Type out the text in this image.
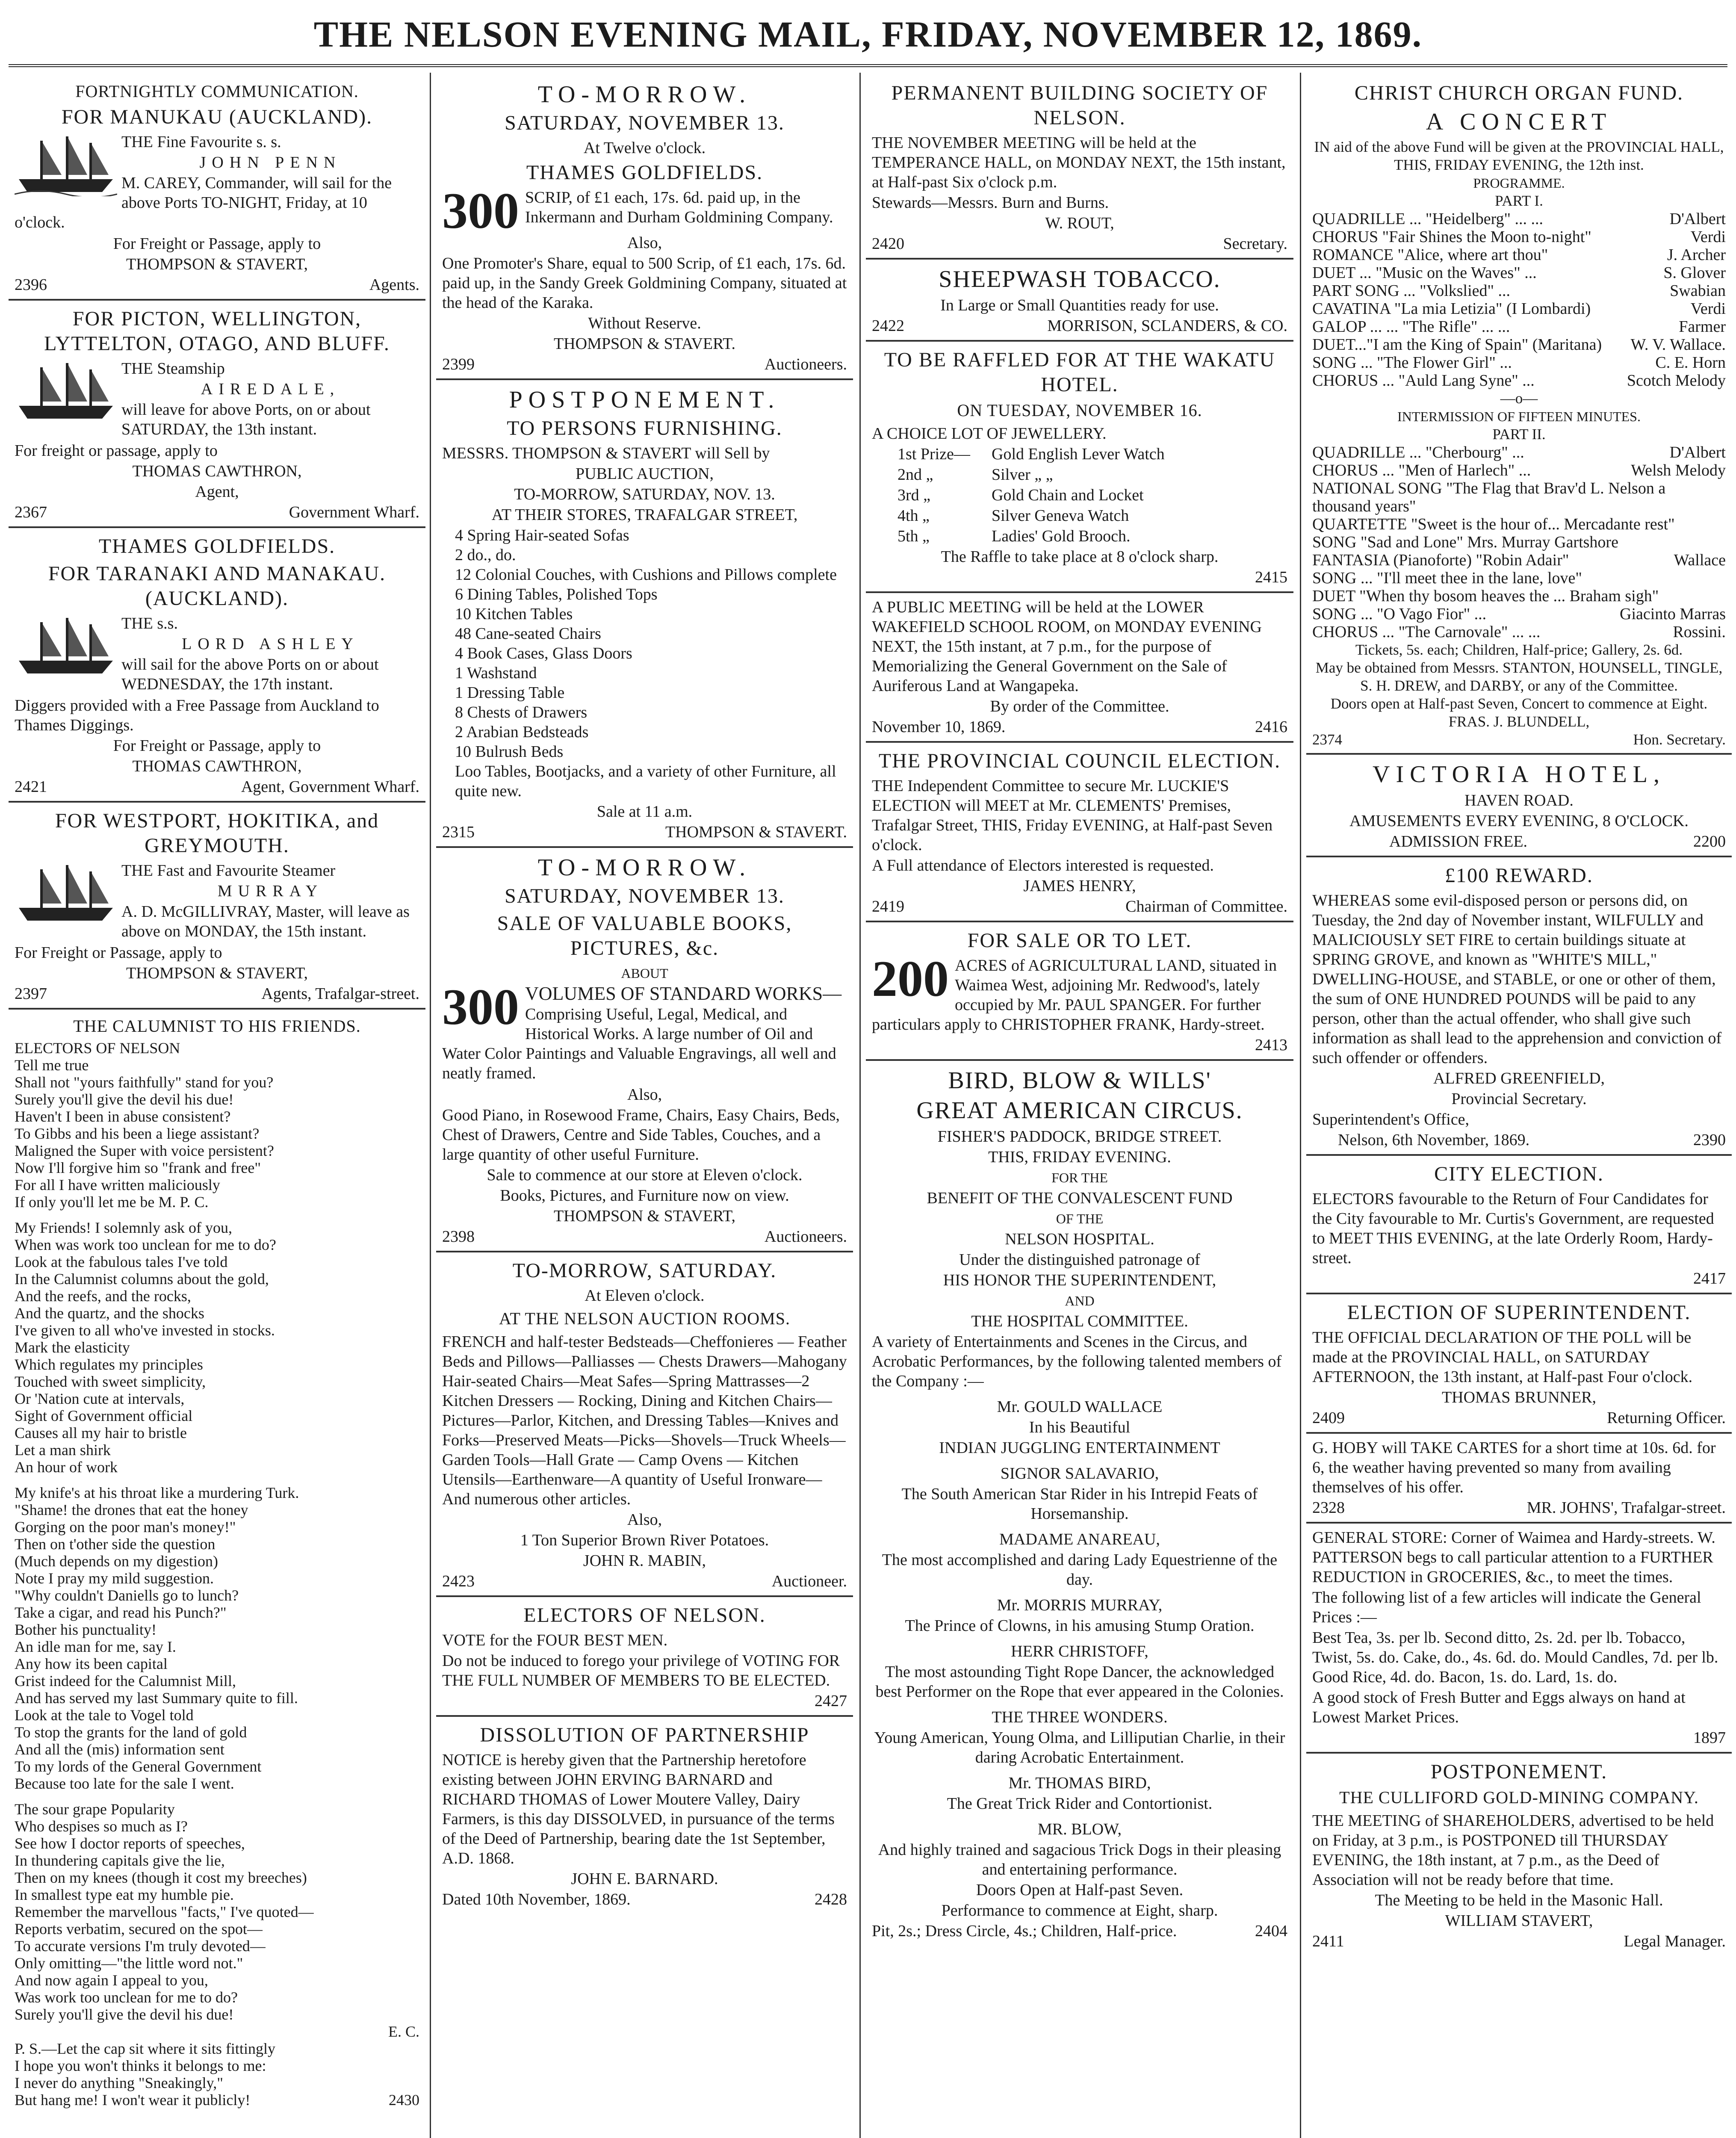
THE NELSON EVENING MAIL, FRIDAY, NOVEMBER 12, 1869.
FORTNIGHTLY COMMUNICATION.
FOR MANUKAU (AUCKLAND).
THE Fine Favourite s. s.
JOHN PENN
M. CAREY, Commander, will sail for the above Ports TO-NIGHT, Friday, at 10 o'clock.
For Freight or Passage, apply to
THOMPSON & STAVERT,
2396	Agents.
FOR PICTON, WELLINGTON, LYTTELTON, OTAGO, AND BLUFF.
THE Steamship
AIREDALE,
will leave for above Ports, on or about SATURDAY, the 13th instant.
For freight or passage, apply to
THOMAS CAWTHRON,
Agent,
2367	Government Wharf.
THAMES GOLDFIELDS.
FOR TARANAKI AND MANAKAU. (AUCKLAND).
THE s.s.
LORD ASHLEY
will sail for the above Ports on or about WEDNESDAY, the 17th instant.
Diggers provided with a Free Passage from Auckland to Thames Diggings.
For Freight or Passage, apply to
THOMAS CAWTHRON,
2421	Agent, Government Wharf.
FOR WESTPORT, HOKITIKA, and GREYMOUTH.
THE Fast and Favourite Steamer
MURRAY
A. D. McGILLIVRAY, Master, will leave as above on MONDAY, the 15th instant.
For Freight or Passage, apply to
THOMPSON & STAVERT,
2397	Agents, Trafalgar-street.
THE CALUMNIST TO HIS FRIENDS.
ELECTORS OF NELSON
Tell me true
Shall not "yours faithfully" stand for you?
Surely you'll give the devil his due!
Haven't I been in abuse consistent?
To Gibbs and his been a liege assistant?
Maligned the Super with voice persistent?
Now I'll forgive him so "frank and free"
For all I have written maliciously
If only you'll let me be M. P. C.
My Friends! I solemnly ask of you,
When was work too unclean for me to do?
Look at the fabulous tales I've told
In the Calumnist columns about the gold,
And the reefs, and the rocks,
And the quartz, and the shocks
I've given to all who've invested in stocks.
Mark the elasticity
Which regulates my principles
Touched with sweet simplicity,
Or 'Nation cute at intervals,
Sight of Government official
Causes all my hair to bristle
Let a man shirk
An hour of work
My knife's at his throat like a murdering Turk.
"Shame! the drones that eat the honey
Gorging on the poor man's money!"
Then on t'other side the question
(Much depends on my digestion)
Note I pray my mild suggestion.
"Why couldn't Daniells go to lunch?
Take a cigar, and read his Punch?"
Bother his punctuality!
An idle man for me, say I.
Any how its been capital
Grist indeed for the Calumnist Mill,
And has served my last Summary quite to fill.
Look at the tale to Vogel told
To stop the grants for the land of gold
And all the (mis) information sent
To my lords of the General Government
Because too late for the sale I went.
The sour grape Popularity
Who despises so much as I?
See how I doctor reports of speeches,
In thundering capitals give the lie,
Then on my knees (though it cost my breeches)
In smallest type eat my humble pie.
Remember the marvellous "facts," I've quoted—
Reports verbatim, secured on the spot—
To accurate versions I'm truly devoted—
Only omitting—"the little word not."
And now again I appeal to you,
Was work too unclean for me to do?
Surely you'll give the devil his due!
E. C.
P. S.—Let the cap sit where it sits fittingly
I hope you won't thinks it belongs to me:
I never do anything "Sneakingly,"
But hang me! I won't wear it publicly!	2430
TO-MORROW.
SATURDAY, NOVEMBER 13.
At Twelve o'clock.
THAMES GOLDFIELDS.
300 SCRIP, of £1 each, 17s. 6d. paid up, in the Inkermann and Durham Goldmining Company.
Also,
One Promoter's Share, equal to 500 Scrip, of £1 each, 17s. 6d. paid up, in the Sandy Greek Goldmining Company, situated at the head of the Karaka.
Without Reserve.
THOMPSON & STAVERT.
2399	Auctioneers.
POSTPONEMENT.
TO PERSONS FURNISHING.
MESSRS. THOMPSON & STAVERT will Sell by
PUBLIC AUCTION,
TO-MORROW, SATURDAY, NOV. 13.
AT THEIR STORES, TRAFALGAR STREET,
4 Spring Hair-seated Sofas
2 do., do.
12 Colonial Couches, with Cushions and Pillows complete
6 Dining Tables, Polished Tops
10 Kitchen Tables
48 Cane-seated Chairs
4 Book Cases, Glass Doors
1 Washstand
1 Dressing Table
8 Chests of Drawers
2 Arabian Bedsteads
10 Bulrush Beds
Loo Tables, Bootjacks, and a variety of other Furniture, all quite new.
Sale at 11 a.m.
2315	THOMPSON & STAVERT.
TO-MORROW.
SATURDAY, NOVEMBER 13.
SALE OF VALUABLE BOOKS, PICTURES, &c.
ABOUT
300 VOLUMES OF STANDARD WORKS—
Comprising Useful, Legal, Medical, and Historical Works. A large number of Oil and Water Color Paintings and Valuable Engravings, all well and neatly framed.
Also,
Good Piano, in Rosewood Frame, Chairs, Easy Chairs, Beds, Chest of Drawers, Centre and Side Tables, Couches, and a large quantity of other useful Furniture.
Sale to commence at our store at Eleven o'clock.
Books, Pictures, and Furniture now on view.
THOMPSON & STAVERT,
2398	Auctioneers.
TO-MORROW, SATURDAY.
At Eleven o'clock.
AT THE NELSON AUCTION ROOMS.
FRENCH and half-tester Bedsteads—Cheffonieres — Feather Beds and Pillows—Palliasses — Chests Drawers—Mahogany Hair-seated Chairs—Meat Safes—Spring Mattrasses—2 Kitchen Dressers — Rocking, Dining and Kitchen Chairs—Pictures—Parlor, Kitchen, and Dressing Tables—Knives and Forks—Preserved Meats—Picks—Shovels—Truck Wheels—Garden Tools—Hall Grate — Camp Ovens — Kitchen Utensils—Earthenware—A quantity of Useful Ironware—And numerous other articles.
Also,
1 Ton Superior Brown River Potatoes.
JOHN R. MABIN,
2423	Auctioneer.
ELECTORS OF NELSON.
VOTE for the FOUR BEST MEN.
Do not be induced to forego your privilege of VOTING FOR THE FULL NUMBER OF MEMBERS TO BE ELECTED.
2427
DISSOLUTION OF PARTNERSHIP
NOTICE is hereby given that the Partnership heretofore existing between JOHN ERVING BARNARD and RICHARD THOMAS of Lower Moutere Valley, Dairy Farmers, is this day DISSOLVED, in pursuance of the terms of the Deed of Partnership, bearing date the 1st September, A.D. 1868.
JOHN E. BARNARD.
Dated 10th November, 1869.	2428
PERMANENT BUILDING SOCIETY OF NELSON.
THE NOVEMBER MEETING will be held at the TEMPERANCE HALL, on MONDAY NEXT, the 15th instant, at Half-past Six o'clock p.m.
Stewards—Messrs. Burn and Burns.
W. ROUT,
2420	Secretary.
SHEEPWASH TOBACCO.
In Large or Small Quantities ready for use.
2422	MORRISON, SCLANDERS, & CO.
TO BE RAFFLED FOR AT THE WAKATU HOTEL.
ON TUESDAY, NOVEMBER 16.
A CHOICE LOT OF JEWELLERY.
1st Prize— Gold English Lever Watch
2nd „	Silver „ „
3rd „	Gold Chain and Locket
4th „	Silver Geneva Watch
5th „	Ladies' Gold Brooch.
The Raffle to take place at 8 o'clock sharp.
2415
A PUBLIC MEETING will be held at the LOWER WAKEFIELD SCHOOL ROOM, on MONDAY EVENING NEXT, the 15th instant, at 7 p.m., for the purpose of Memorializing the General Government on the Sale of Auriferous Land at Wangapeka.
By order of the Committee.
November 10, 1869.	2416
THE PROVINCIAL COUNCIL ELECTION.
THE Independent Committee to secure Mr. LUCKIE'S ELECTION will MEET at Mr. CLEMENTS' Premises, Trafalgar Street, THIS, Friday EVENING, at Half-past Seven o'clock.
A Full attendance of Electors interested is requested.
JAMES HENRY,
2419	Chairman of Committee.
FOR SALE OR TO LET.
200 ACRES of AGRICULTURAL LAND, situated in Waimea West, adjoining Mr. Redwood's, lately occupied by Mr. PAUL SPANGER. For further particulars apply to CHRISTOPHER FRANK, Hardy-street.
2413
BIRD, BLOW & WILLS'
GREAT AMERICAN CIRCUS.
FISHER'S PADDOCK, BRIDGE STREET.
THIS, FRIDAY EVENING.
FOR THE
BENEFIT OF THE CONVALESCENT FUND
OF THE
NELSON HOSPITAL.
Under the distinguished patronage of
HIS HONOR THE SUPERINTENDENT,
AND
THE HOSPITAL COMMITTEE.
A variety of Entertainments and Scenes in the Circus, and Acrobatic Performances, by the following talented members of the Company :—
Mr. GOULD WALLACE
In his Beautiful
INDIAN JUGGLING ENTERTAINMENT
SIGNOR SALAVARIO,
The South American Star Rider in his Intrepid Feats of Horsemanship.
MADAME ANAREAU,
The most accomplished and daring Lady Equestrienne of the day.
Mr. MORRIS MURRAY,
The Prince of Clowns, in his amusing Stump Oration.
HERR CHRISTOFF,
The most astounding Tight Rope Dancer, the acknowledged best Performer on the Rope that ever appeared in the Colonies.
THE THREE WONDERS.
Young American, Young Olma, and Lilliputian Charlie, in their daring Acrobatic Entertainment.
Mr. THOMAS BIRD,
The Great Trick Rider and Contortionist.
MR. BLOW,
And highly trained and sagacious Trick Dogs in their pleasing and entertaining performance.
Doors Open at Half-past Seven.
Performance to commence at Eight, sharp.
Pit, 2s.; Dress Circle, 4s.; Children, Half-price.	2404
CHRIST CHURCH ORGAN FUND.
A CONCERT
IN aid of the above Fund will be given at the PROVINCIAL HALL,
THIS, FRIDAY EVENING, the 12th inst.
PROGRAMME.
PART I.
QUADRILLE ... "Heidelberg" ... ...	D'Albert
CHORUS "Fair Shines the Moon to-night"	Verdi
ROMANCE "Alice, where art thou"	J. Archer
DUET ... "Music on the Waves" ...	S. Glover
PART SONG ... "Volkslied" ...	Swabian
CAVATINA "La mia Letizia" (I Lombardi)	Verdi
GALOP ... ... "The Rifle" ... ...	Farmer
DUET..."I am the King of Spain" (Maritana) W. V. Wallace.
SONG ... "The Flower Girl" ...	C. E. Horn
CHORUS ... "Auld Lang Syne" ...	Scotch Melody
—o—
INTERMISSION OF FIFTEEN MINUTES.
PART II.
QUADRILLE ... "Cherbourg" ...	D'Albert
CHORUS ... "Men of Harlech" ...	Welsh Melody
NATIONAL SONG "The Flag that Brav'd L. Nelson a thousand years"
QUARTETTE "Sweet is the hour of... Mercadante rest"
SONG "Sad and Lone" Mrs. Murray Gartshore
FANTASIA (Pianoforte) "Robin Adair"	Wallace
SONG ... "I'll meet thee in the lane, love"
DUET "When thy bosom heaves the ... Braham sigh"
SONG ... "O Vago Fior" ...	Giacinto Marras
CHORUS ... "The Carnovale" ... ...	Rossini.
Tickets, 5s. each; Children, Half-price; Gallery, 2s. 6d.
May be obtained from Messrs. STANTON, HOUNSELL, TINGLE, S. H. DREW, and DARBY, or any of the Committee.
Doors open at Half-past Seven, Concert to commence at Eight.
FRAS. J. BLUNDELL,
2374	Hon. Secretary.
VICTORIA HOTEL,
HAVEN ROAD.
AMUSEMENTS EVERY EVENING, 8 O'CLOCK.
ADMISSION FREE.	2200
£100 REWARD.
WHEREAS some evil-disposed person or persons did, on Tuesday, the 2nd day of November instant, WILFULLY and MALICIOUSLY SET FIRE to certain buildings situate at SPRING GROVE, and known as "WHITE'S MILL," DWELLING-HOUSE, and STABLE, or one or other of them, the sum of ONE HUNDRED POUNDS will be paid to any person, other than the actual offender, who shall give such information as shall lead to the apprehension and conviction of such offender or offenders.
ALFRED GREENFIELD,
Provincial Secretary.
Superintendent's Office,
Nelson, 6th November, 1869.	2390
CITY ELECTION.
ELECTORS favourable to the Return of Four Candidates for the City favourable to Mr. Curtis's Government, are requested to MEET THIS EVENING, at the late Orderly Room, Hardy-street.
2417
ELECTION OF SUPERINTENDENT.
THE OFFICIAL DECLARATION OF THE POLL will be made at the PROVINCIAL HALL, on SATURDAY AFTERNOON, the 13th instant, at Half-past Four o'clock.
THOMAS BRUNNER,
2409	Returning Officer.
G. HOBY will TAKE CARTES for a short time at 10s. 6d. for 6, the weather having prevented so many from availing themselves of his offer.
2328	MR. JOHNS', Trafalgar-street.
GENERAL STORE: Corner of Waimea and Hardy-streets. W. PATTERSON begs to call particular attention to a FURTHER REDUCTION in GROCERIES, &c., to meet the times.
The following list of a few articles will indicate the General Prices :—
Best Tea, 3s. per lb. Second ditto, 2s. 2d. per lb. Tobacco, Twist, 5s. do. Cake, do., 4s. 6d. do. Mould Candles, 7d. per lb. Good Rice, 4d. do. Bacon, 1s. do. Lard, 1s. do.
A good stock of Fresh Butter and Eggs always on hand at Lowest Market Prices.
1897
POSTPONEMENT.
THE CULLIFORD GOLD-MINING COMPANY.
THE MEETING of SHAREHOLDERS, advertised to be held on Friday, at 3 p.m., is POSTPONED till THURSDAY EVENING, the 18th instant, at 7 p.m., as the Deed of Association will not be ready before that time.
The Meeting to be held in the Masonic Hall.
WILLIAM STAVERT,
2411	Legal Manager.
